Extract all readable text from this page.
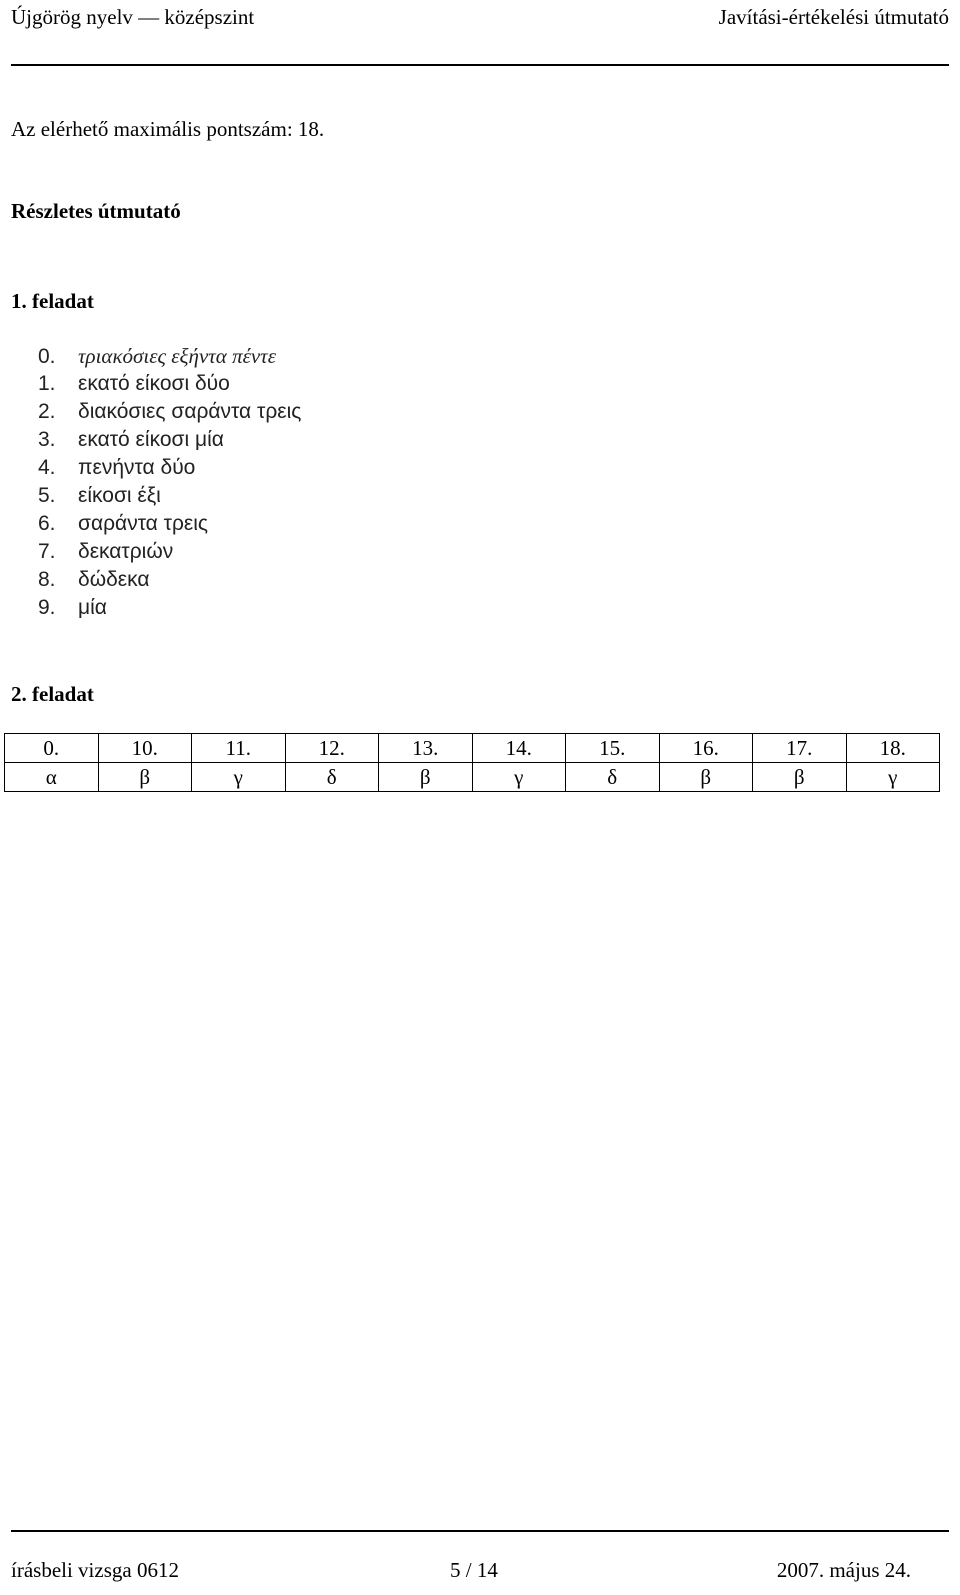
Újgörög nyelv — középszint	Javítási-értékelési útmutató
Az elérhető maximális pontszám: 18.
Részletes útmutató
1. feladat
0. τριακόσιες εξήντα πέντε
1. εκατό είκοσι δύο
2. διακόσιες σαράντα τρεις
3. εκατό είκοσι μία
4. πενήντα δύο
5. είκοσι έξι
6. σαράντα τρεις
7. δεκατριών
8. δώδεκα
9. μία
2. feladat
0.	10.	11.	12.	13.	14.	15.	16.	17.	18.
α	β	γ	δ	β	γ	δ	β	β	γ
írásbeli vizsga 0612	5 / 14	2007. május 24.
